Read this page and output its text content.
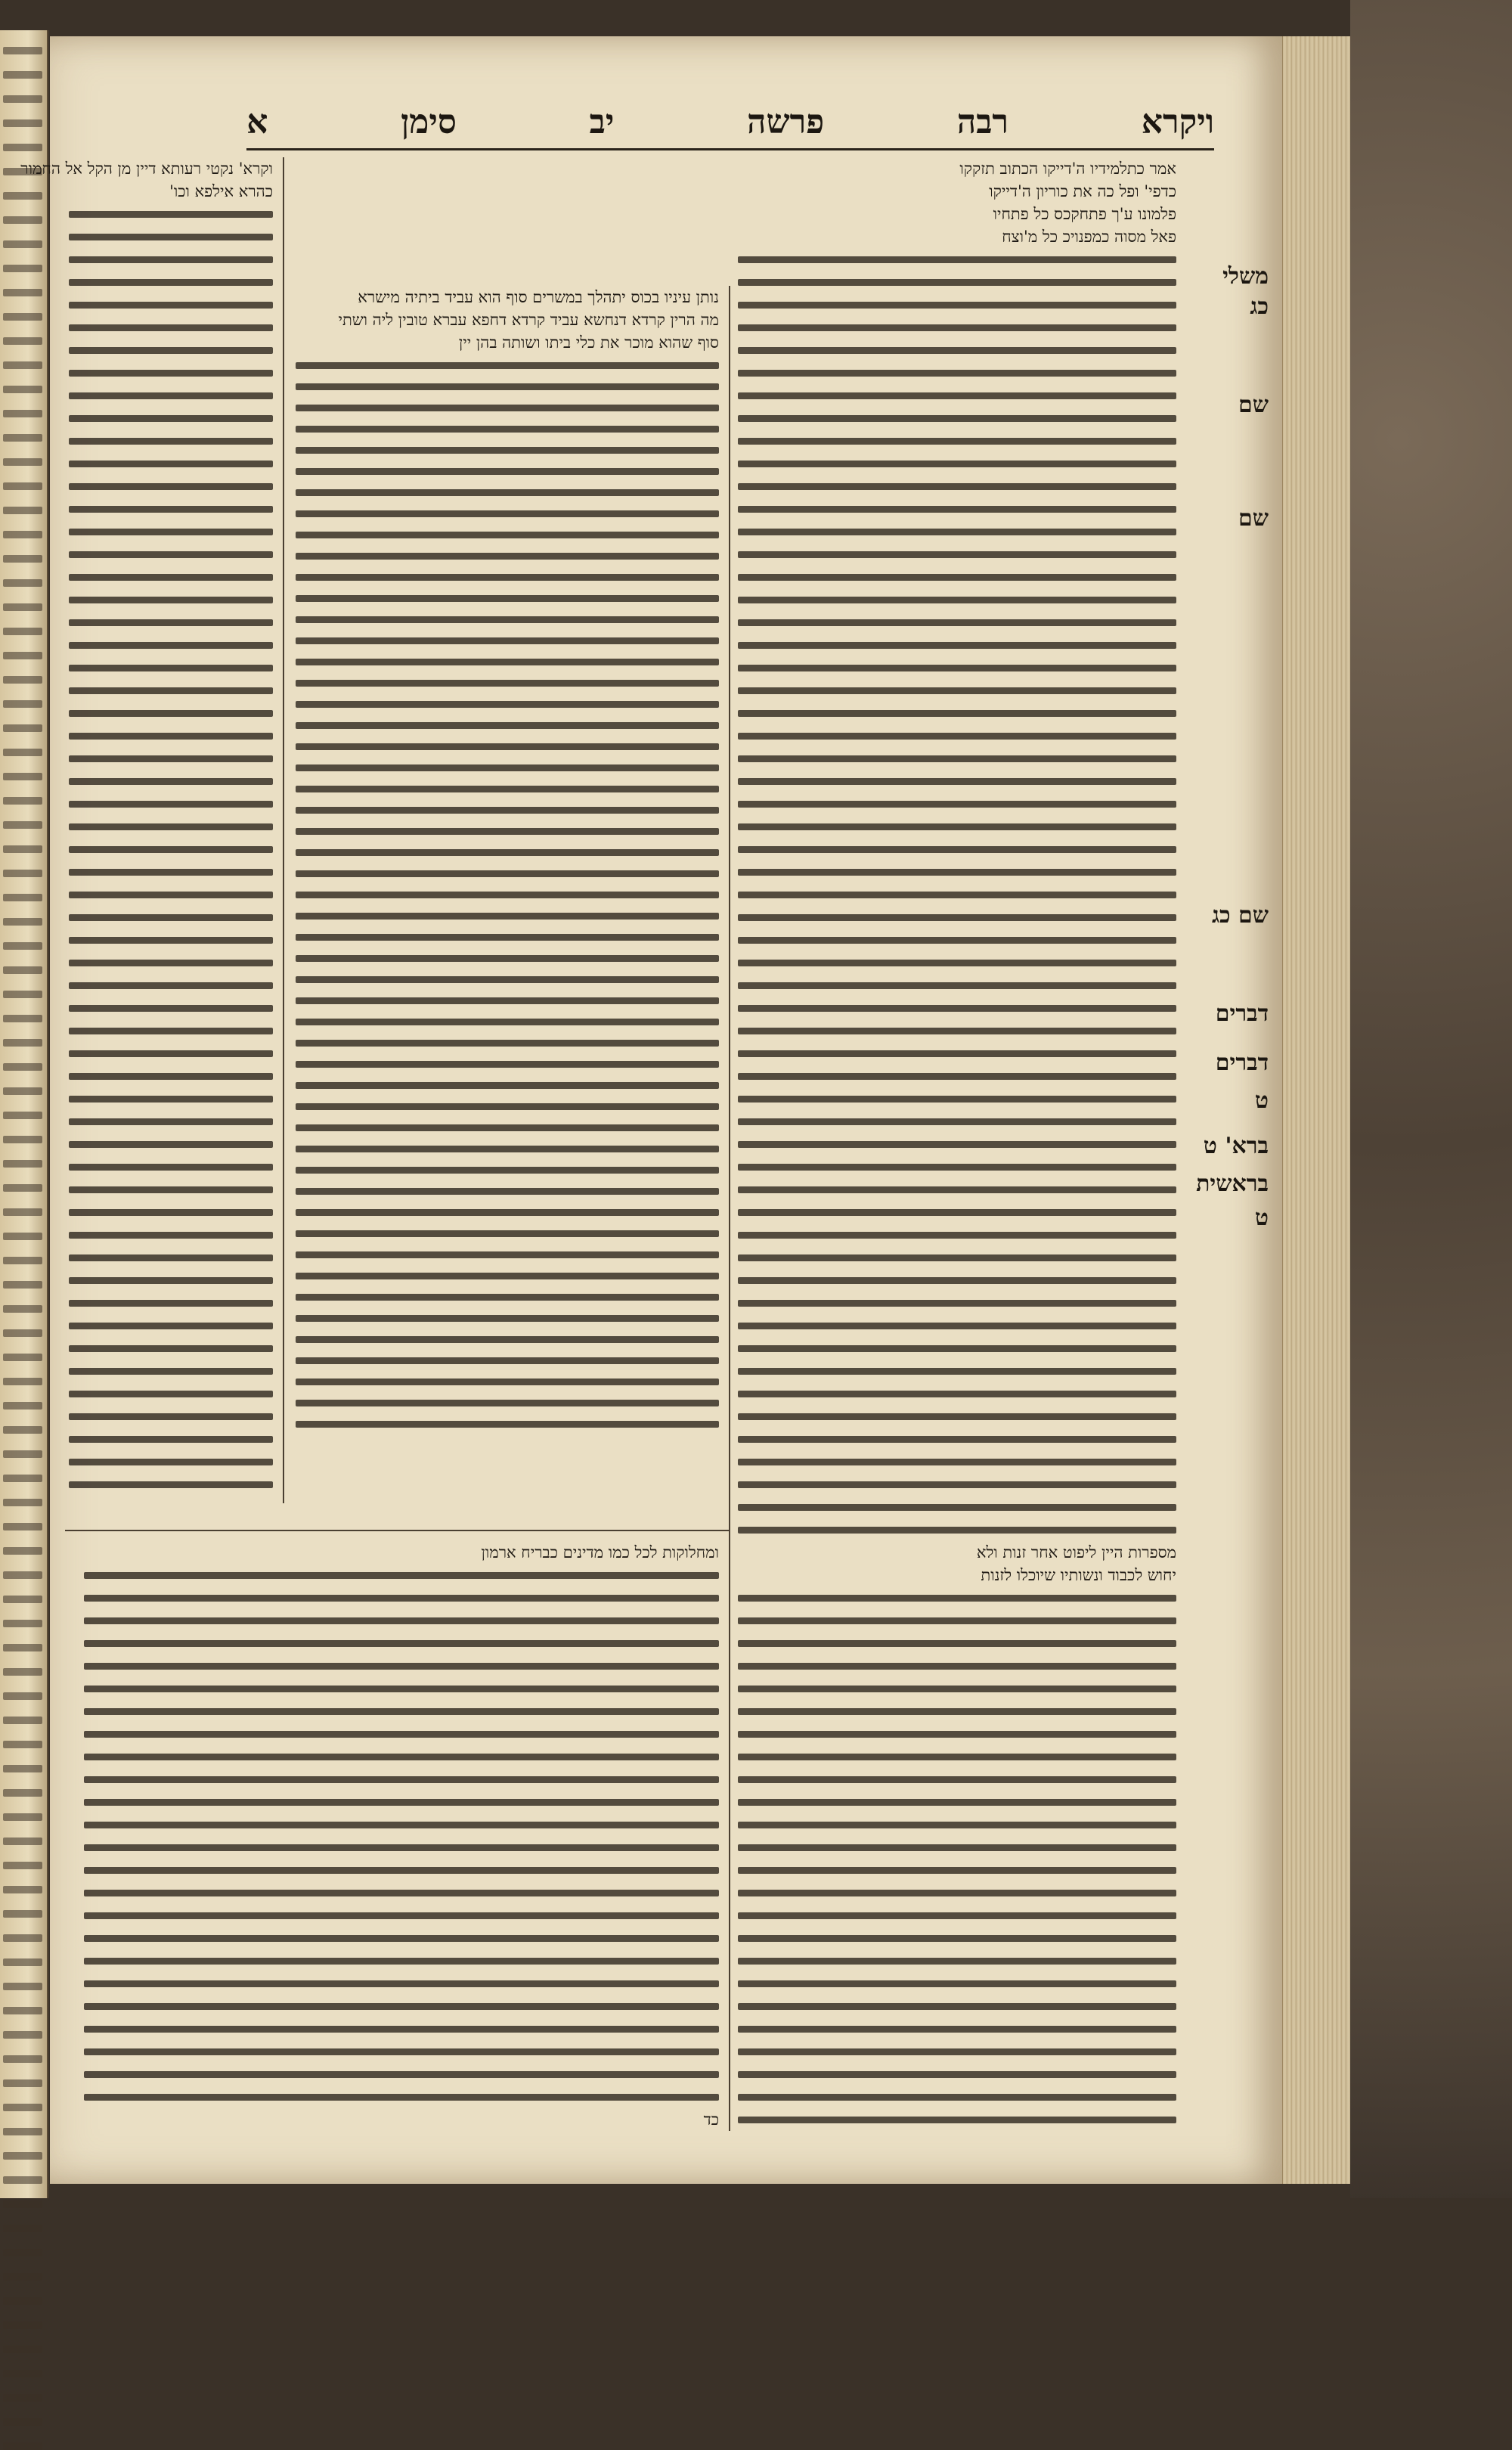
ויקרא
רבה
פרשה
יב
סימן
א
משלי
כג
שם
שם
שם כג
דברים
דברים
ט
ברא' ט
בראשית
ט
אמר כתלמידיו ה'דייקו הכתוב תזקקו
כדפי' ופל כה את כוריון ה'דייקו
פלמונו ע'ך פתחקכס כל פתחיו
פאל מסוה כמפנויכ כל מ'וצח
נותן עיניו בכוס יתהלך במשרים סוף הוא עביד ביתיה מישרא
מה הרין קרדא דנחשא עביד קרדא דחפא עברא טובין ליה ושתי
סוף שהוא מוכר את כלי ביתו ושותה בהן יין
וקרא' נקטי רעותא דיין מן הקל אל החמור
כהרא אילפא וכו'
מספרות היין ליפוט אחר זנות ולא
יחוש לכבוד ונשותיו שיוכלו לזנות
ומחלוקות לכל כמו מדינים כבריח ארמון
כד
